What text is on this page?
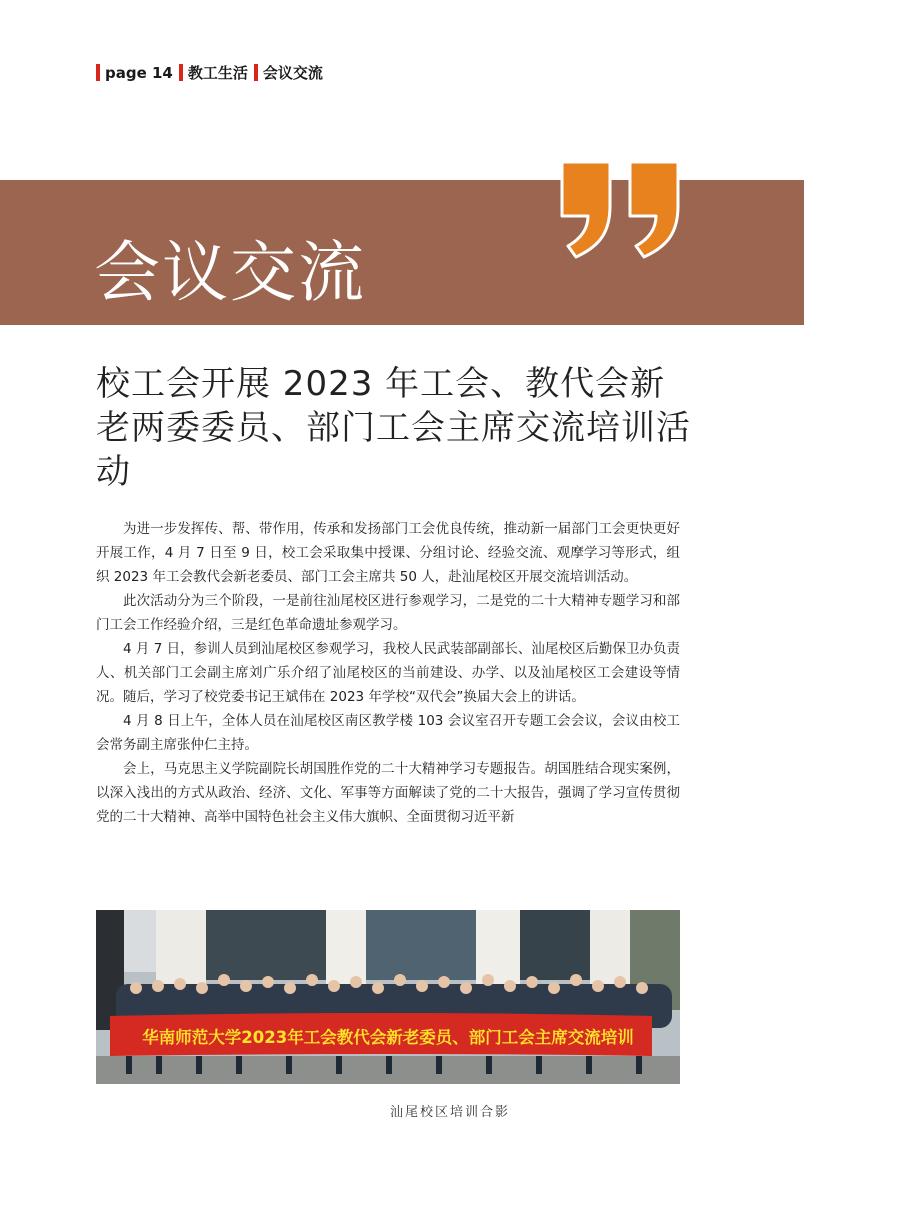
page 14 教工生活 会议交流
会议交流
校工会开展 2023 年工会、教代会新老两委委员、部门工会主席交流培训活动

为进一步发挥传、帮、带作用，传承和发扬部门工会优良传统，推动新一届部门工会更快更好开展工作，4 月 7 日至 9 日，校工会采取集中授课、分组讨论、经验交流、观摩学习等形式，组织 2023 年工会教代会新老委员、部门工会主席共 50 人，赴汕尾校区开展交流培训活动。

此次活动分为三个阶段，一是前往汕尾校区进行参观学习，二是党的二十大精神专题学习和部门工会工作经验介绍，三是红色革命遗址参观学习。

4 月 7 日，参训人员到汕尾校区参观学习，我校人民武装部副部长、汕尾校区后勤保卫办负责人、机关部门工会副主席刘广乐介绍了汕尾校区的当前建设、办学、以及汕尾校区工会建设等情况。随后，学习了校党委书记王斌伟在 2023 年学校“双代会”换届大会上的讲话。

4 月 8 日上午，全体人员在汕尾校区南区教学楼 103 会议室召开专题工会会议，会议由校工会常务副主席张仲仁主持。

会上，马克思主义学院副院长胡国胜作党的二十大精神学习专题报告。胡国胜结合现实案例，以深入浅出的方式从政治、经济、文化、军事等方面解读了党的二十大报告，强调了学习宣传贯彻党的二十大精神、高举中国特色社会主义伟大旗帜、全面贯彻习近平新

华南师范大学2023年工会教代会新老委员、部门工会主席交流培训
汕尾校区培训合影
